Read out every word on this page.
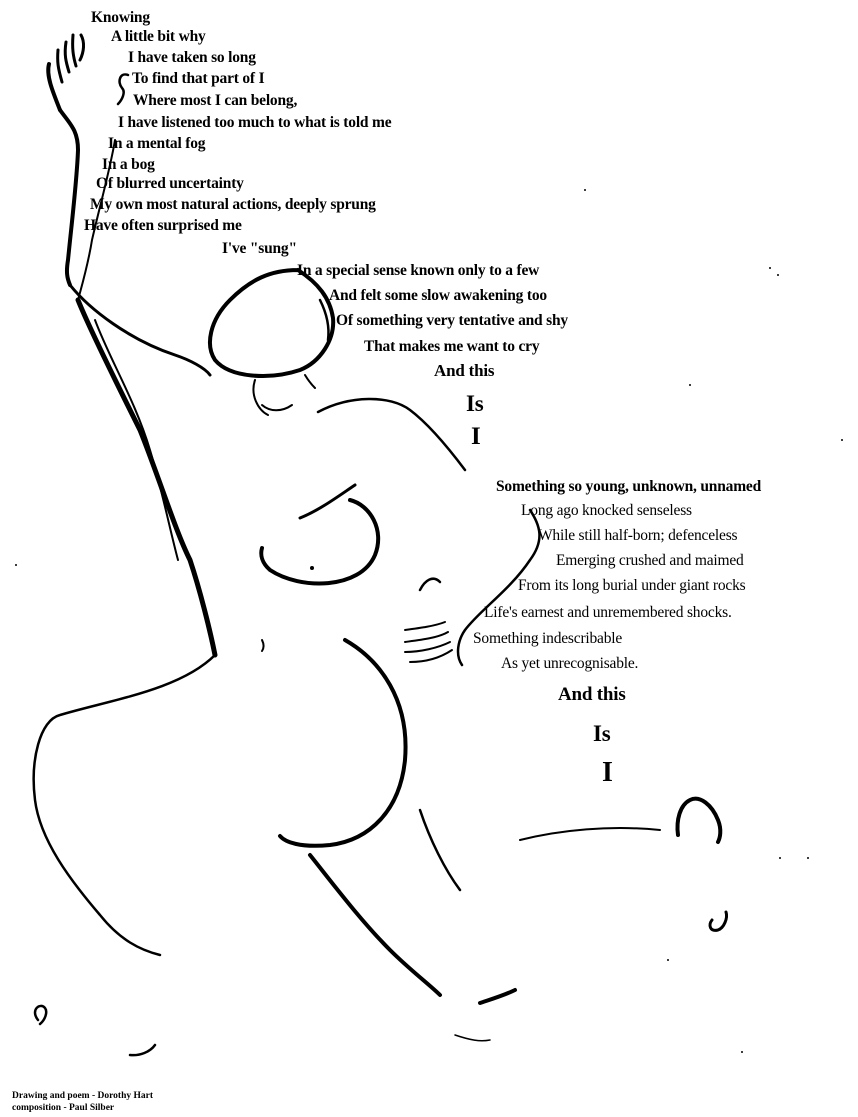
Knowing
A little bit why
I have taken so long
To find that part of I
Where most I can belong,
I have listened too much to what is told me
In a mental fog
In a bog
Of blurred uncertainty
My own most natural actions, deeply sprung
Have often surprised me
I've "sung"
In a special sense known only to a few
And felt some slow awakening too
Of something very tentative and shy
That makes me want to cry
And this
Is
I
Something so young, unknown, unnamed
Long ago knocked senseless
While still half-born; defenceless
Emerging crushed and maimed
From its long burial under giant rocks
Life's earnest and unremembered shocks.
Something indescribable
As yet unrecognisable.
And this
Is
I
Drawing and poem - Dorothy Hart
composition - Paul Silber
